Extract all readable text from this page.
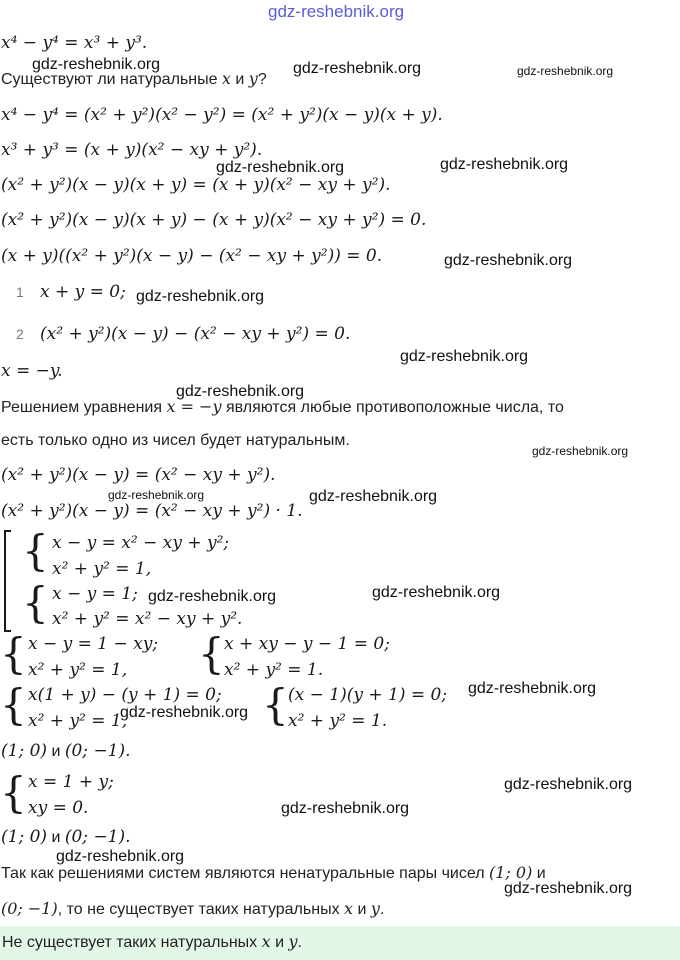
gdz-reshebnik.org
gdz-reshebnik.org	gdz-reshebnik.org	gdz-reshebnik.org
gdz-reshebnik.org	gdz-reshebnik.org
gdz-reshebnik.org
gdz-reshebnik.org
gdz-reshebnik.org
gdz-reshebnik.org
gdz-reshebnik.org
gdz-reshebnik.org	gdz-reshebnik.org
gdz-reshebnik.org	gdz-reshebnik.org
gdz-reshebnik.org
gdz-reshebnik.org
gdz-reshebnik.org
gdz-reshebnik.org
gdz-reshebnik.org
gdz-reshebnik.org
x⁴ − y⁴ = x³ + y³.
Существуют ли натуральные x и y?
x⁴ − y⁴ = (x² + y²)(x² − y²) = (x² + y²)(x − y)(x + y).
x³ + y³ = (x + y)(x² − xy + y²).
(x² + y²)(x − y)(x + y) = (x + y)(x² − xy + y²).
(x² + y²)(x − y)(x + y) − (x + y)(x² − xy + y²) = 0.
(x + y)((x² + y²)(x − y) − (x² − xy + y²)) = 0.
1 x + y = 0;
2 (x² + y²)(x − y) − (x² − xy + y²) = 0.
x = −y.
Решением уравнения x = −y являются любые противоположные числа, то
есть только одно из чисел будет натуральным.
(x² + y²)(x − y) = (x² − xy + y²).
(x² + y²)(x − y) = (x² − xy + y²) · 1.
{ x − y = x² − xy + y²;
x² + y² = 1,
{ x − y = 1;
x² + y² = x² − xy + y².
{ x − y = 1 − xy;
x² + y² = 1, { x + xy − y − 1 = 0;
x² + y² = 1.
{ x(1 + y) − (y + 1) = 0;
x² + y² = 1,	{ (x − 1)(y + 1) = 0;
x² + y² = 1.
(1; 0) и (0; −1).
{ x = 1 + y;
xy = 0.
(1; 0) и (0; −1).
Так как решениями систем являются ненатуральные пары чисел (1; 0) и
(0; −1), то не существует таких натуральных x и y.
Не существует таких натуральных x и y.
